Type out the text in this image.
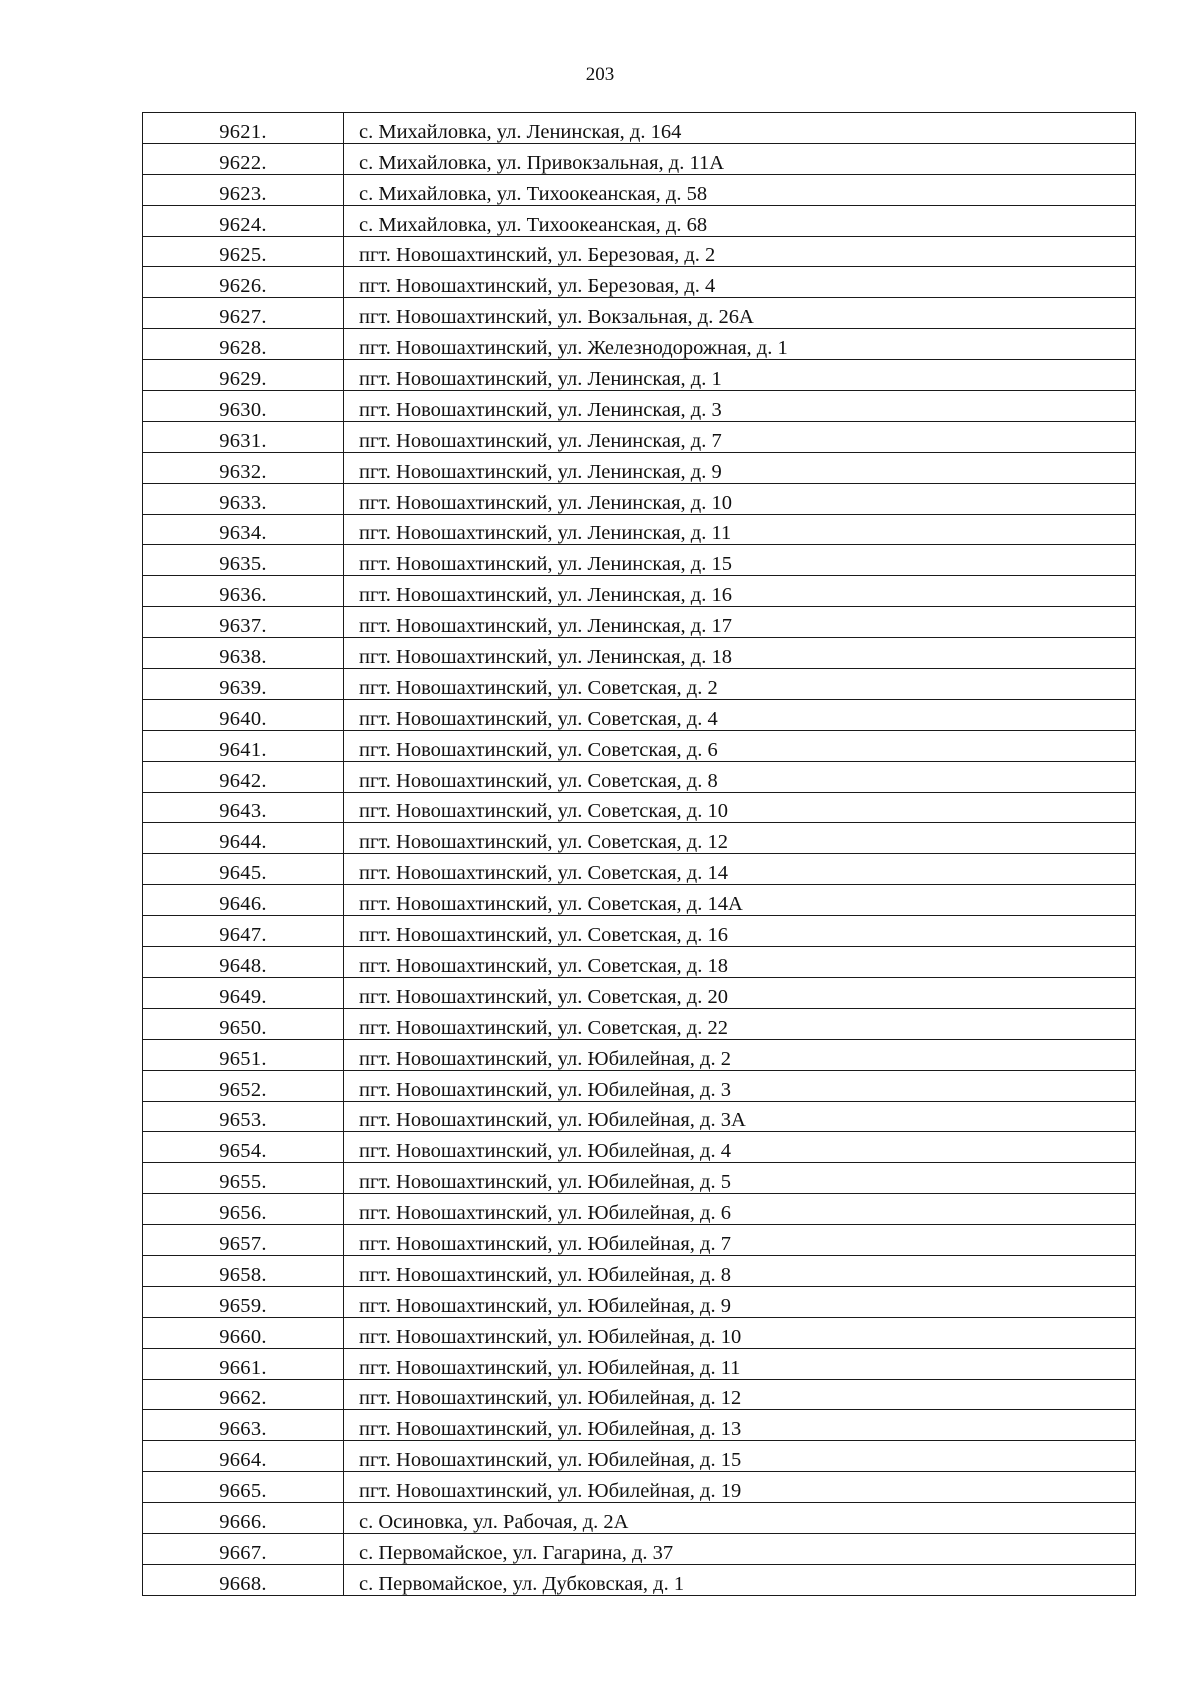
203
9621.	с. Михайловка, ул. Ленинская, д. 164
9622.	с. Михайловка, ул. Привокзальная, д. 11А
9623.	с. Михайловка, ул. Тихоокеанская, д. 58
9624.	с. Михайловка, ул. Тихоокеанская, д. 68
9625.	пгт. Новошахтинский, ул. Березовая, д. 2
9626.	пгт. Новошахтинский, ул. Березовая, д. 4
9627.	пгт. Новошахтинский, ул. Вокзальная, д. 26А
9628.	пгт. Новошахтинский, ул. Железнодорожная, д. 1
9629.	пгт. Новошахтинский, ул. Ленинская, д. 1
9630.	пгт. Новошахтинский, ул. Ленинская, д. 3
9631.	пгт. Новошахтинский, ул. Ленинская, д. 7
9632.	пгт. Новошахтинский, ул. Ленинская, д. 9
9633.	пгт. Новошахтинский, ул. Ленинская, д. 10
9634.	пгт. Новошахтинский, ул. Ленинская, д. 11
9635.	пгт. Новошахтинский, ул. Ленинская, д. 15
9636.	пгт. Новошахтинский, ул. Ленинская, д. 16
9637.	пгт. Новошахтинский, ул. Ленинская, д. 17
9638.	пгт. Новошахтинский, ул. Ленинская, д. 18
9639.	пгт. Новошахтинский, ул. Советская, д. 2
9640.	пгт. Новошахтинский, ул. Советская, д. 4
9641.	пгт. Новошахтинский, ул. Советская, д. 6
9642.	пгт. Новошахтинский, ул. Советская, д. 8
9643.	пгт. Новошахтинский, ул. Советская, д. 10
9644.	пгт. Новошахтинский, ул. Советская, д. 12
9645.	пгт. Новошахтинский, ул. Советская, д. 14
9646.	пгт. Новошахтинский, ул. Советская, д. 14А
9647.	пгт. Новошахтинский, ул. Советская, д. 16
9648.	пгт. Новошахтинский, ул. Советская, д. 18
9649.	пгт. Новошахтинский, ул. Советская, д. 20
9650.	пгт. Новошахтинский, ул. Советская, д. 22
9651.	пгт. Новошахтинский, ул. Юбилейная, д. 2
9652.	пгт. Новошахтинский, ул. Юбилейная, д. 3
9653.	пгт. Новошахтинский, ул. Юбилейная, д. 3А
9654.	пгт. Новошахтинский, ул. Юбилейная, д. 4
9655.	пгт. Новошахтинский, ул. Юбилейная, д. 5
9656.	пгт. Новошахтинский, ул. Юбилейная, д. 6
9657.	пгт. Новошахтинский, ул. Юбилейная, д. 7
9658.	пгт. Новошахтинский, ул. Юбилейная, д. 8
9659.	пгт. Новошахтинский, ул. Юбилейная, д. 9
9660.	пгт. Новошахтинский, ул. Юбилейная, д. 10
9661.	пгт. Новошахтинский, ул. Юбилейная, д. 11
9662.	пгт. Новошахтинский, ул. Юбилейная, д. 12
9663.	пгт. Новошахтинский, ул. Юбилейная, д. 13
9664.	пгт. Новошахтинский, ул. Юбилейная, д. 15
9665.	пгт. Новошахтинский, ул. Юбилейная, д. 19
9666.	с. Осиновка, ул. Рабочая, д. 2А
9667.	с. Первомайское, ул. Гагарина, д. 37
9668.	с. Первомайское, ул. Дубковская, д. 1
